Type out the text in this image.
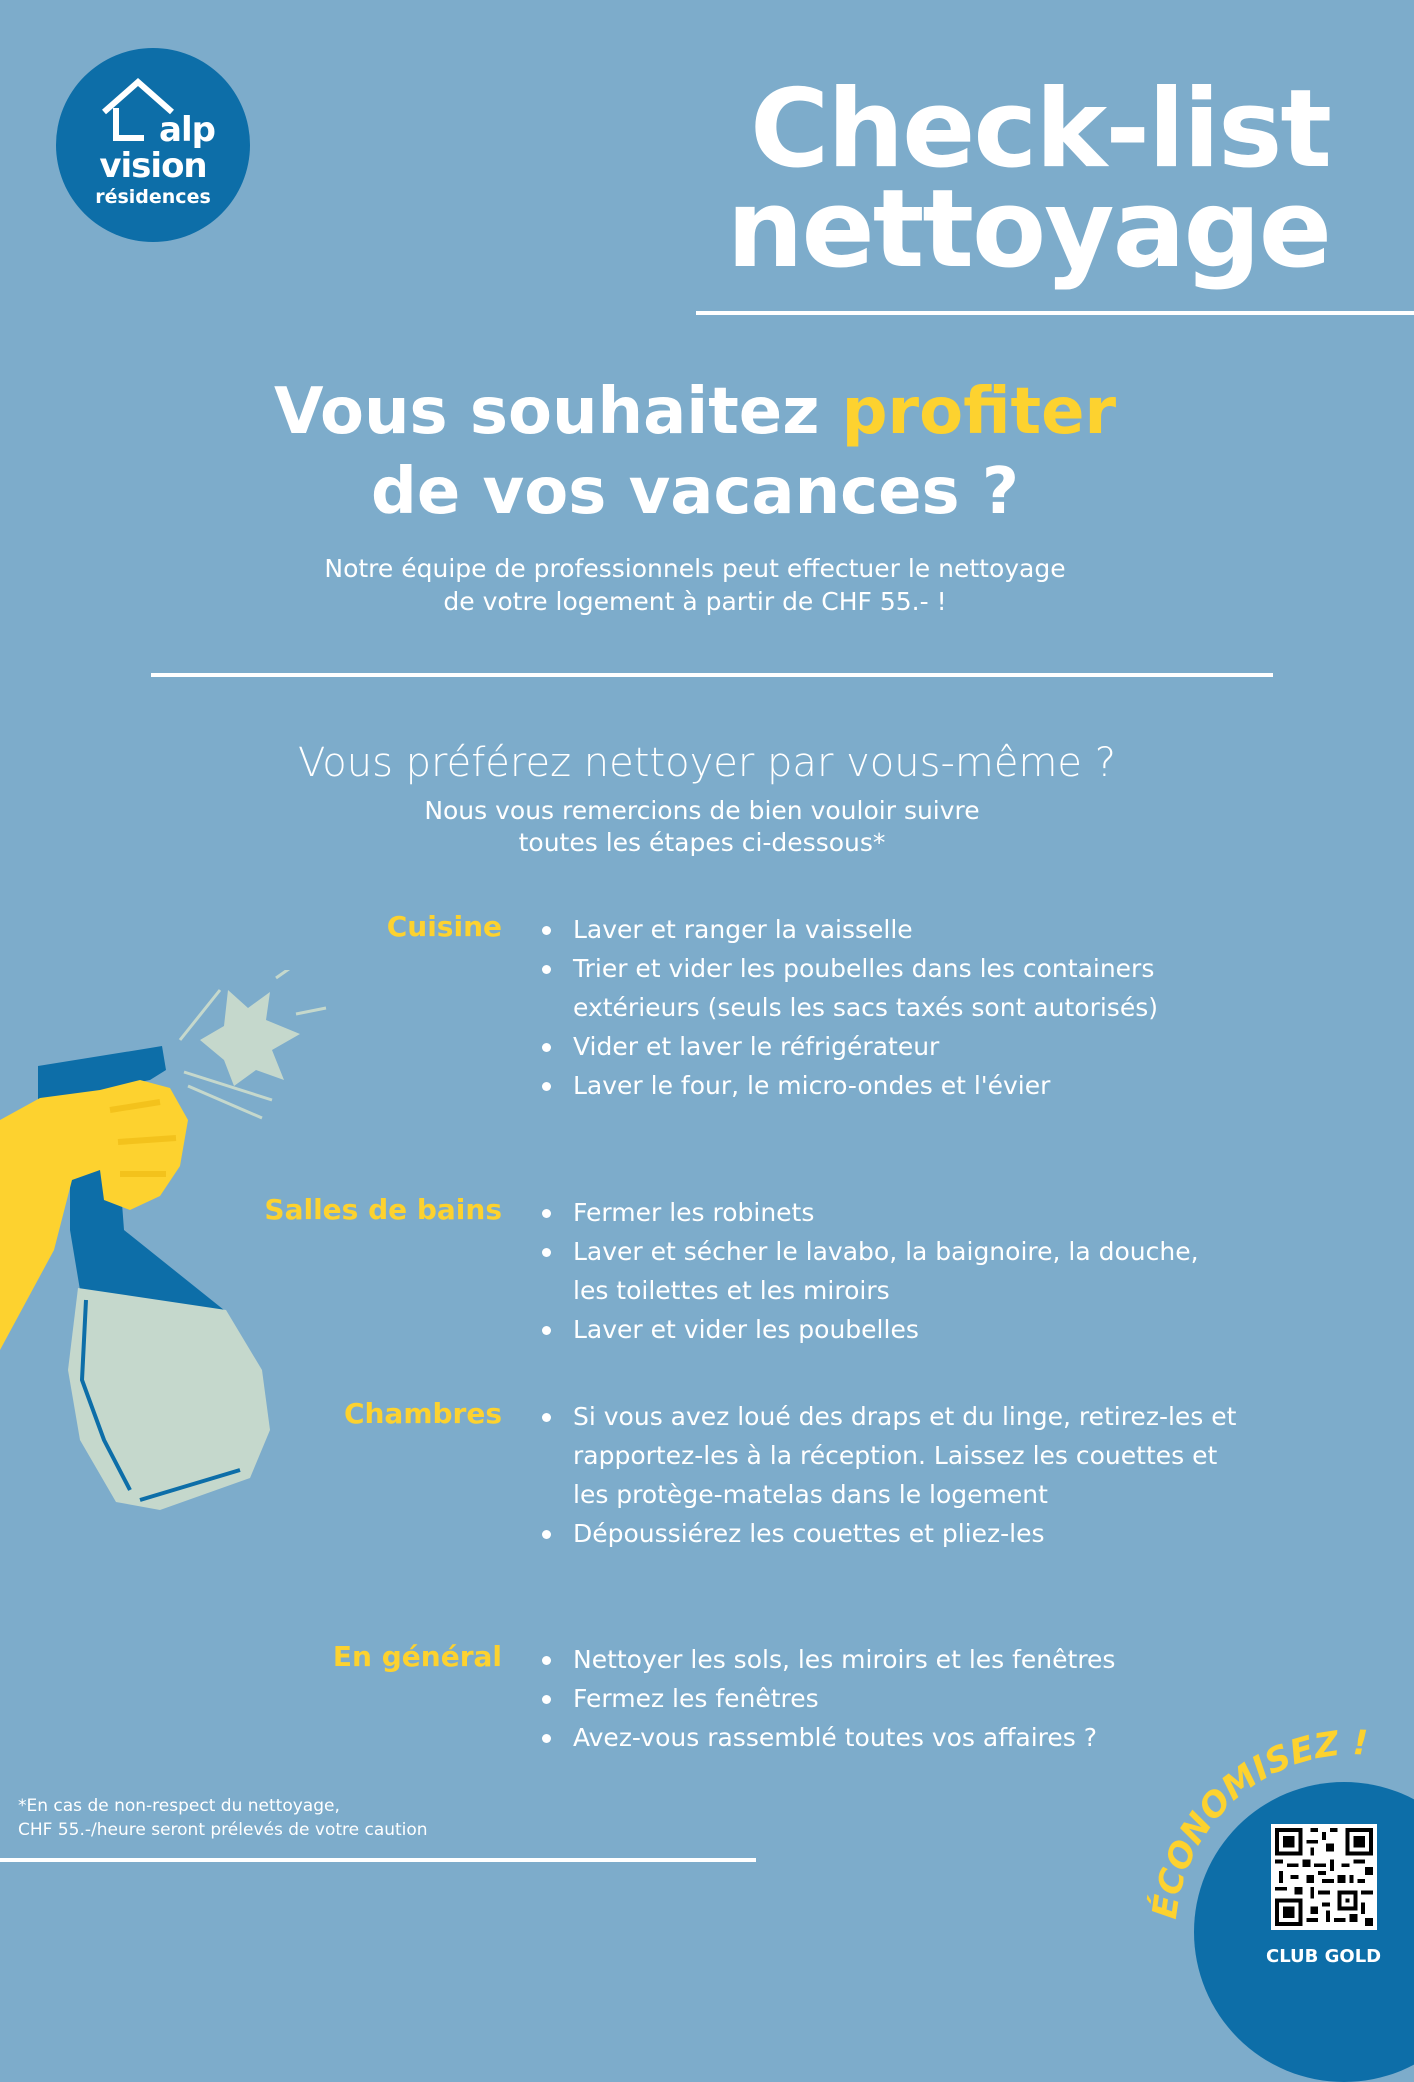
alp
vision
résidences
Check-list
nettoyage
Vous souhaitez profiter
de vos vacances ?
Notre équipe de professionnels peut effectuer le nettoyage
de votre logement à partir de CHF 55.- !
Vous préférez nettoyer par vous-même ?
Nous vous remercions de bien vouloir suivre
toutes les étapes ci-dessous*
Cuisine	Laver et ranger la vaisselle
Trier et vider les poubelles dans les containers extérieurs (seuls les sacs taxés sont autorisés)
Vider et laver le réfrigérateur
Laver le four, le micro-ondes et l'évier
Salles de bains	Fermer les robinets
Laver et sécher le lavabo, la baignoire, la douche, les toilettes et les miroirs
Laver et vider les poubelles
Chambres	Si vous avez loué des draps et du linge, retirez-les et rapportez-les à la réception. Laissez les couettes et les protège-matelas dans le logement
Dépoussiérez les couettes et pliez-les
En général	Nettoyer les sols, les miroirs et les fenêtres
Fermez les fenêtres
Avez-vous rassemblé toutes vos affaires ?
*En cas de non-respect du nettoyage,
CHF 55.-/heure seront prélevés de votre caution
ÉCONOMISEZ !
CLUB GOLD
